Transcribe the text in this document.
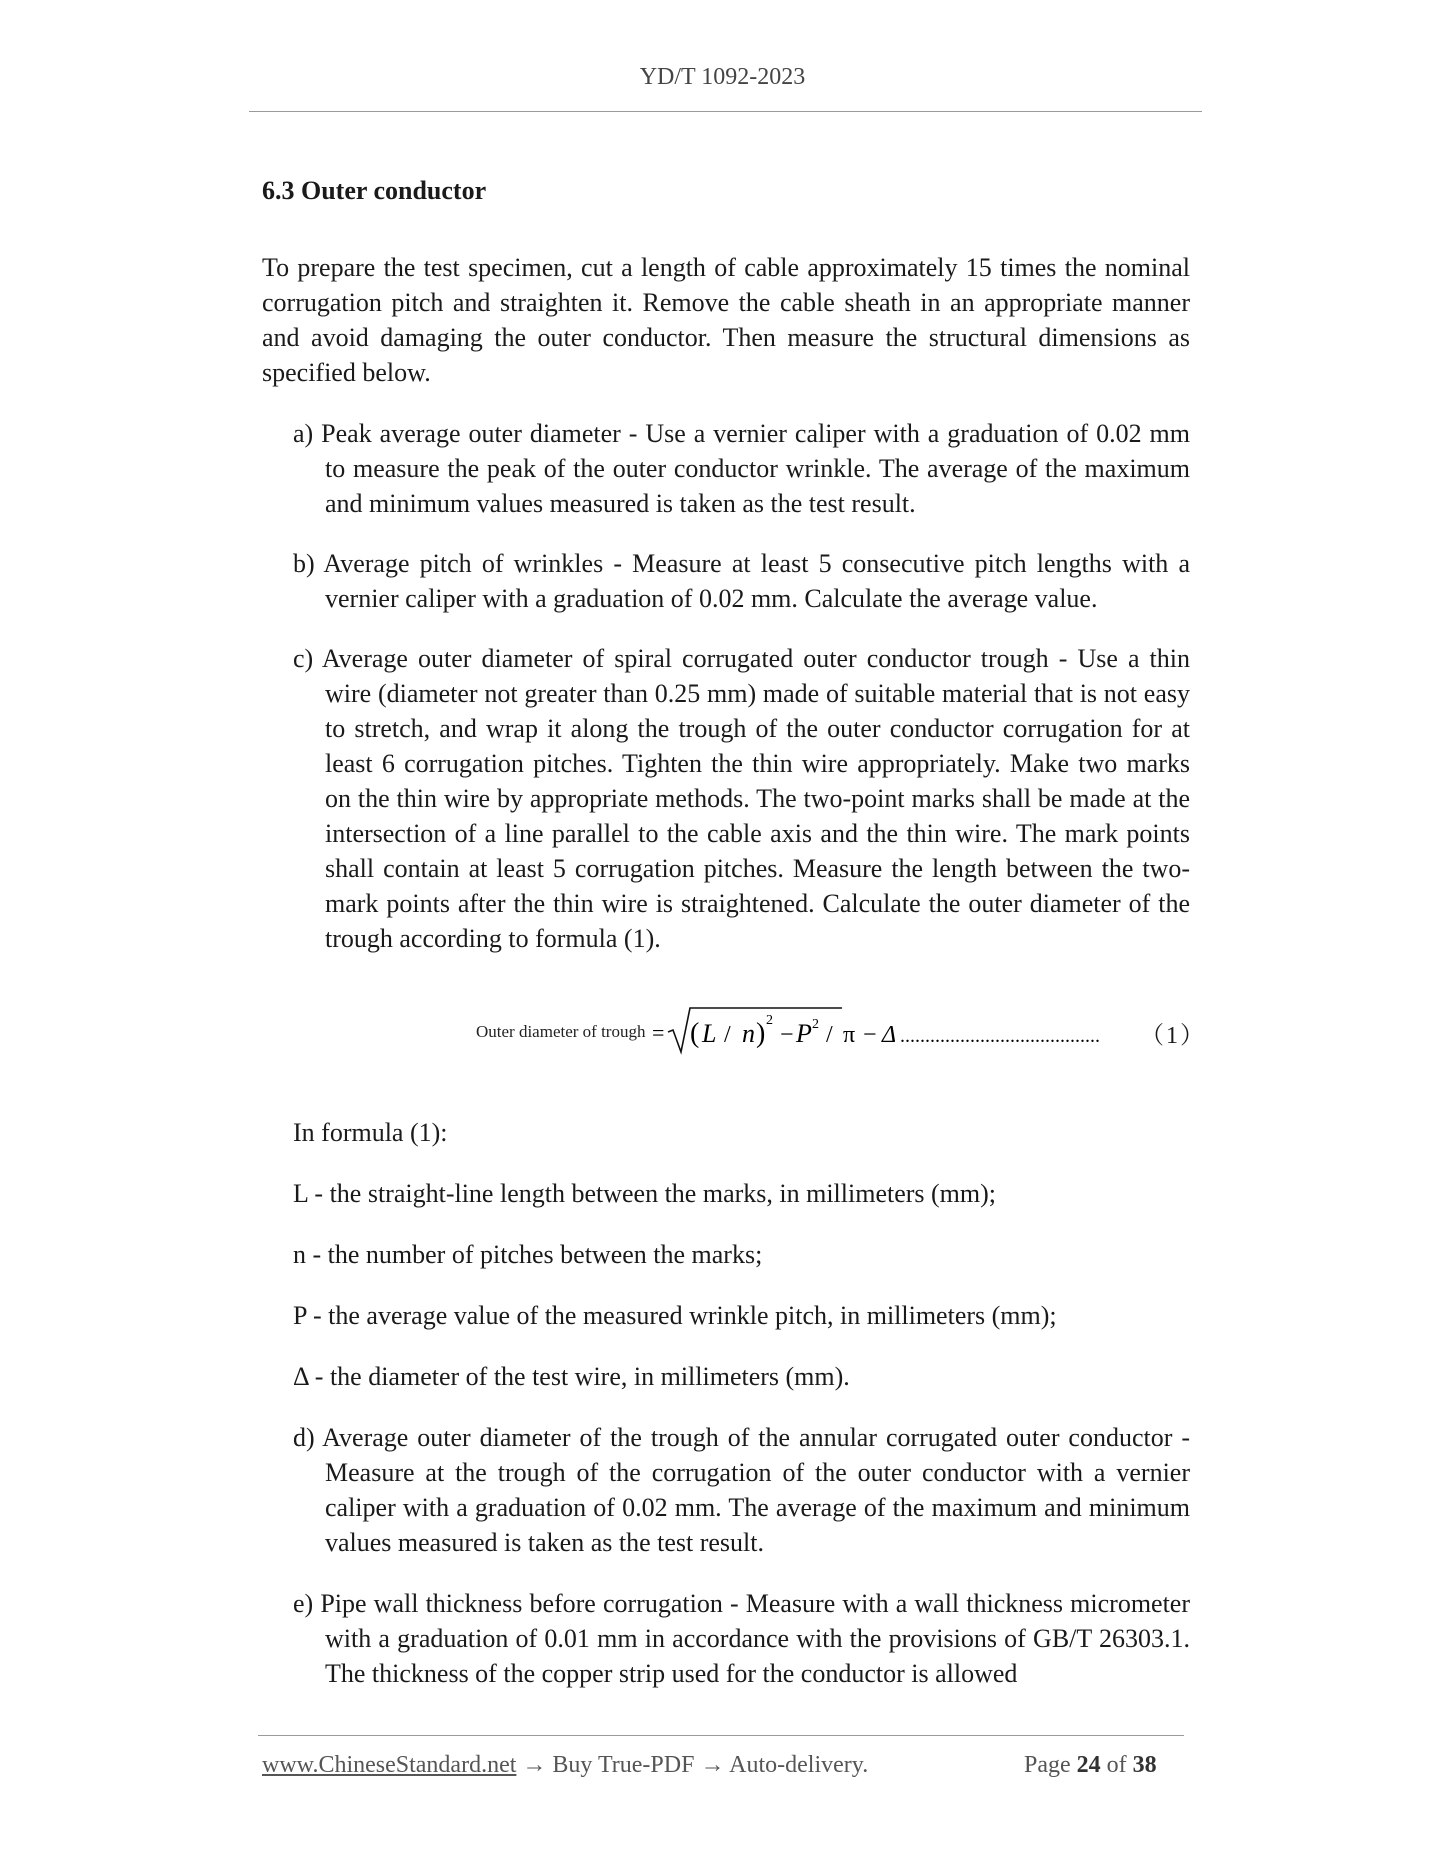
YD/T 1092-2023
6.3 Outer conductor
To prepare the test specimen, cut a length of cable approximately 15 times the nominal corrugation pitch and straighten it. Remove the cable sheath in an appropriate manner and avoid damaging the outer conductor. Then measure the structural dimensions as specified below.
a) Peak average outer diameter - Use a vernier caliper with a graduation of 0.02 mm to measure the peak of the outer conductor wrinkle. The average of the maximum and minimum values measured is taken as the test result.
b) Average pitch of wrinkles - Measure at least 5 consecutive pitch lengths with a vernier caliper with a graduation of 0.02 mm. Calculate the average value.
c) Average outer diameter of spiral corrugated outer conductor trough - Use a thin wire (diameter not greater than 0.25 mm) made of suitable material that is not easy to stretch, and wrap it along the trough of the outer conductor corrugation for at least 6 corrugation pitches. Tighten the thin wire appropriately. Make two marks on the thin wire by appropriate methods. The two-point marks shall be made at the intersection of a line parallel to the cable axis and the thin wire. The mark points shall contain at least 5 corrugation pitches. Measure the length between the two-mark points after the thin wire is straightened. Calculate the outer diameter of the trough according to formula (1).
Outer diameter of trough = ( L / n ) 2
−
P 2 / π − Δ ........................................ （1）
In formula (1):
L - the straight-line length between the marks, in millimeters (mm);
n - the number of pitches between the marks;
P - the average value of the measured wrinkle pitch, in millimeters (mm);
Δ - the diameter of the test wire, in millimeters (mm).
d) Average outer diameter of the trough of the annular corrugated outer conductor - Measure at the trough of the corrugation of the outer conductor with a vernier caliper with a graduation of 0.02 mm. The average of the maximum and minimum values measured is taken as the test result.
e) Pipe wall thickness before corrugation - Measure with a wall thickness micrometer with a graduation of 0.01 mm in accordance with the provisions of GB/T 26303.1. The thickness of the copper strip used for the conductor is allowed
www.ChineseStandard.net → Buy True-PDF → Auto-delivery.	Page 24 of 38
